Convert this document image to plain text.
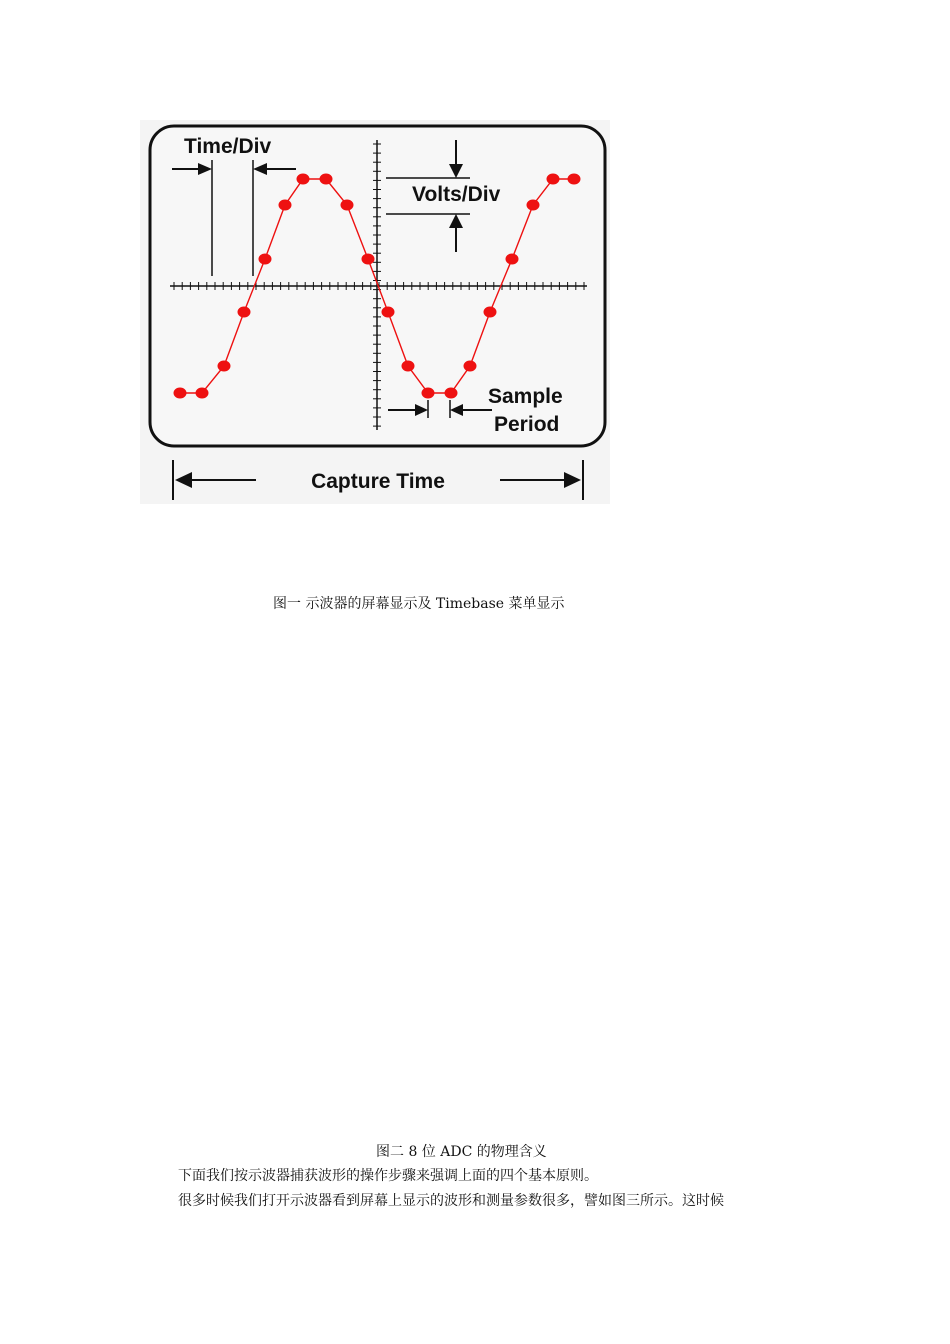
Time/Div
Volts/Div
Sample
Period
Capture Time
图一 示波器的屏幕显示及 Timebase 菜单显示
图二 8 位 ADC 的物理含义
下面我们按示波器捕获波形的操作步骤来强调上面的四个基本原则。
很多时候我们打开示波器看到屏幕上显示的波形和测量参数很多，譬如图三所示。这时候
